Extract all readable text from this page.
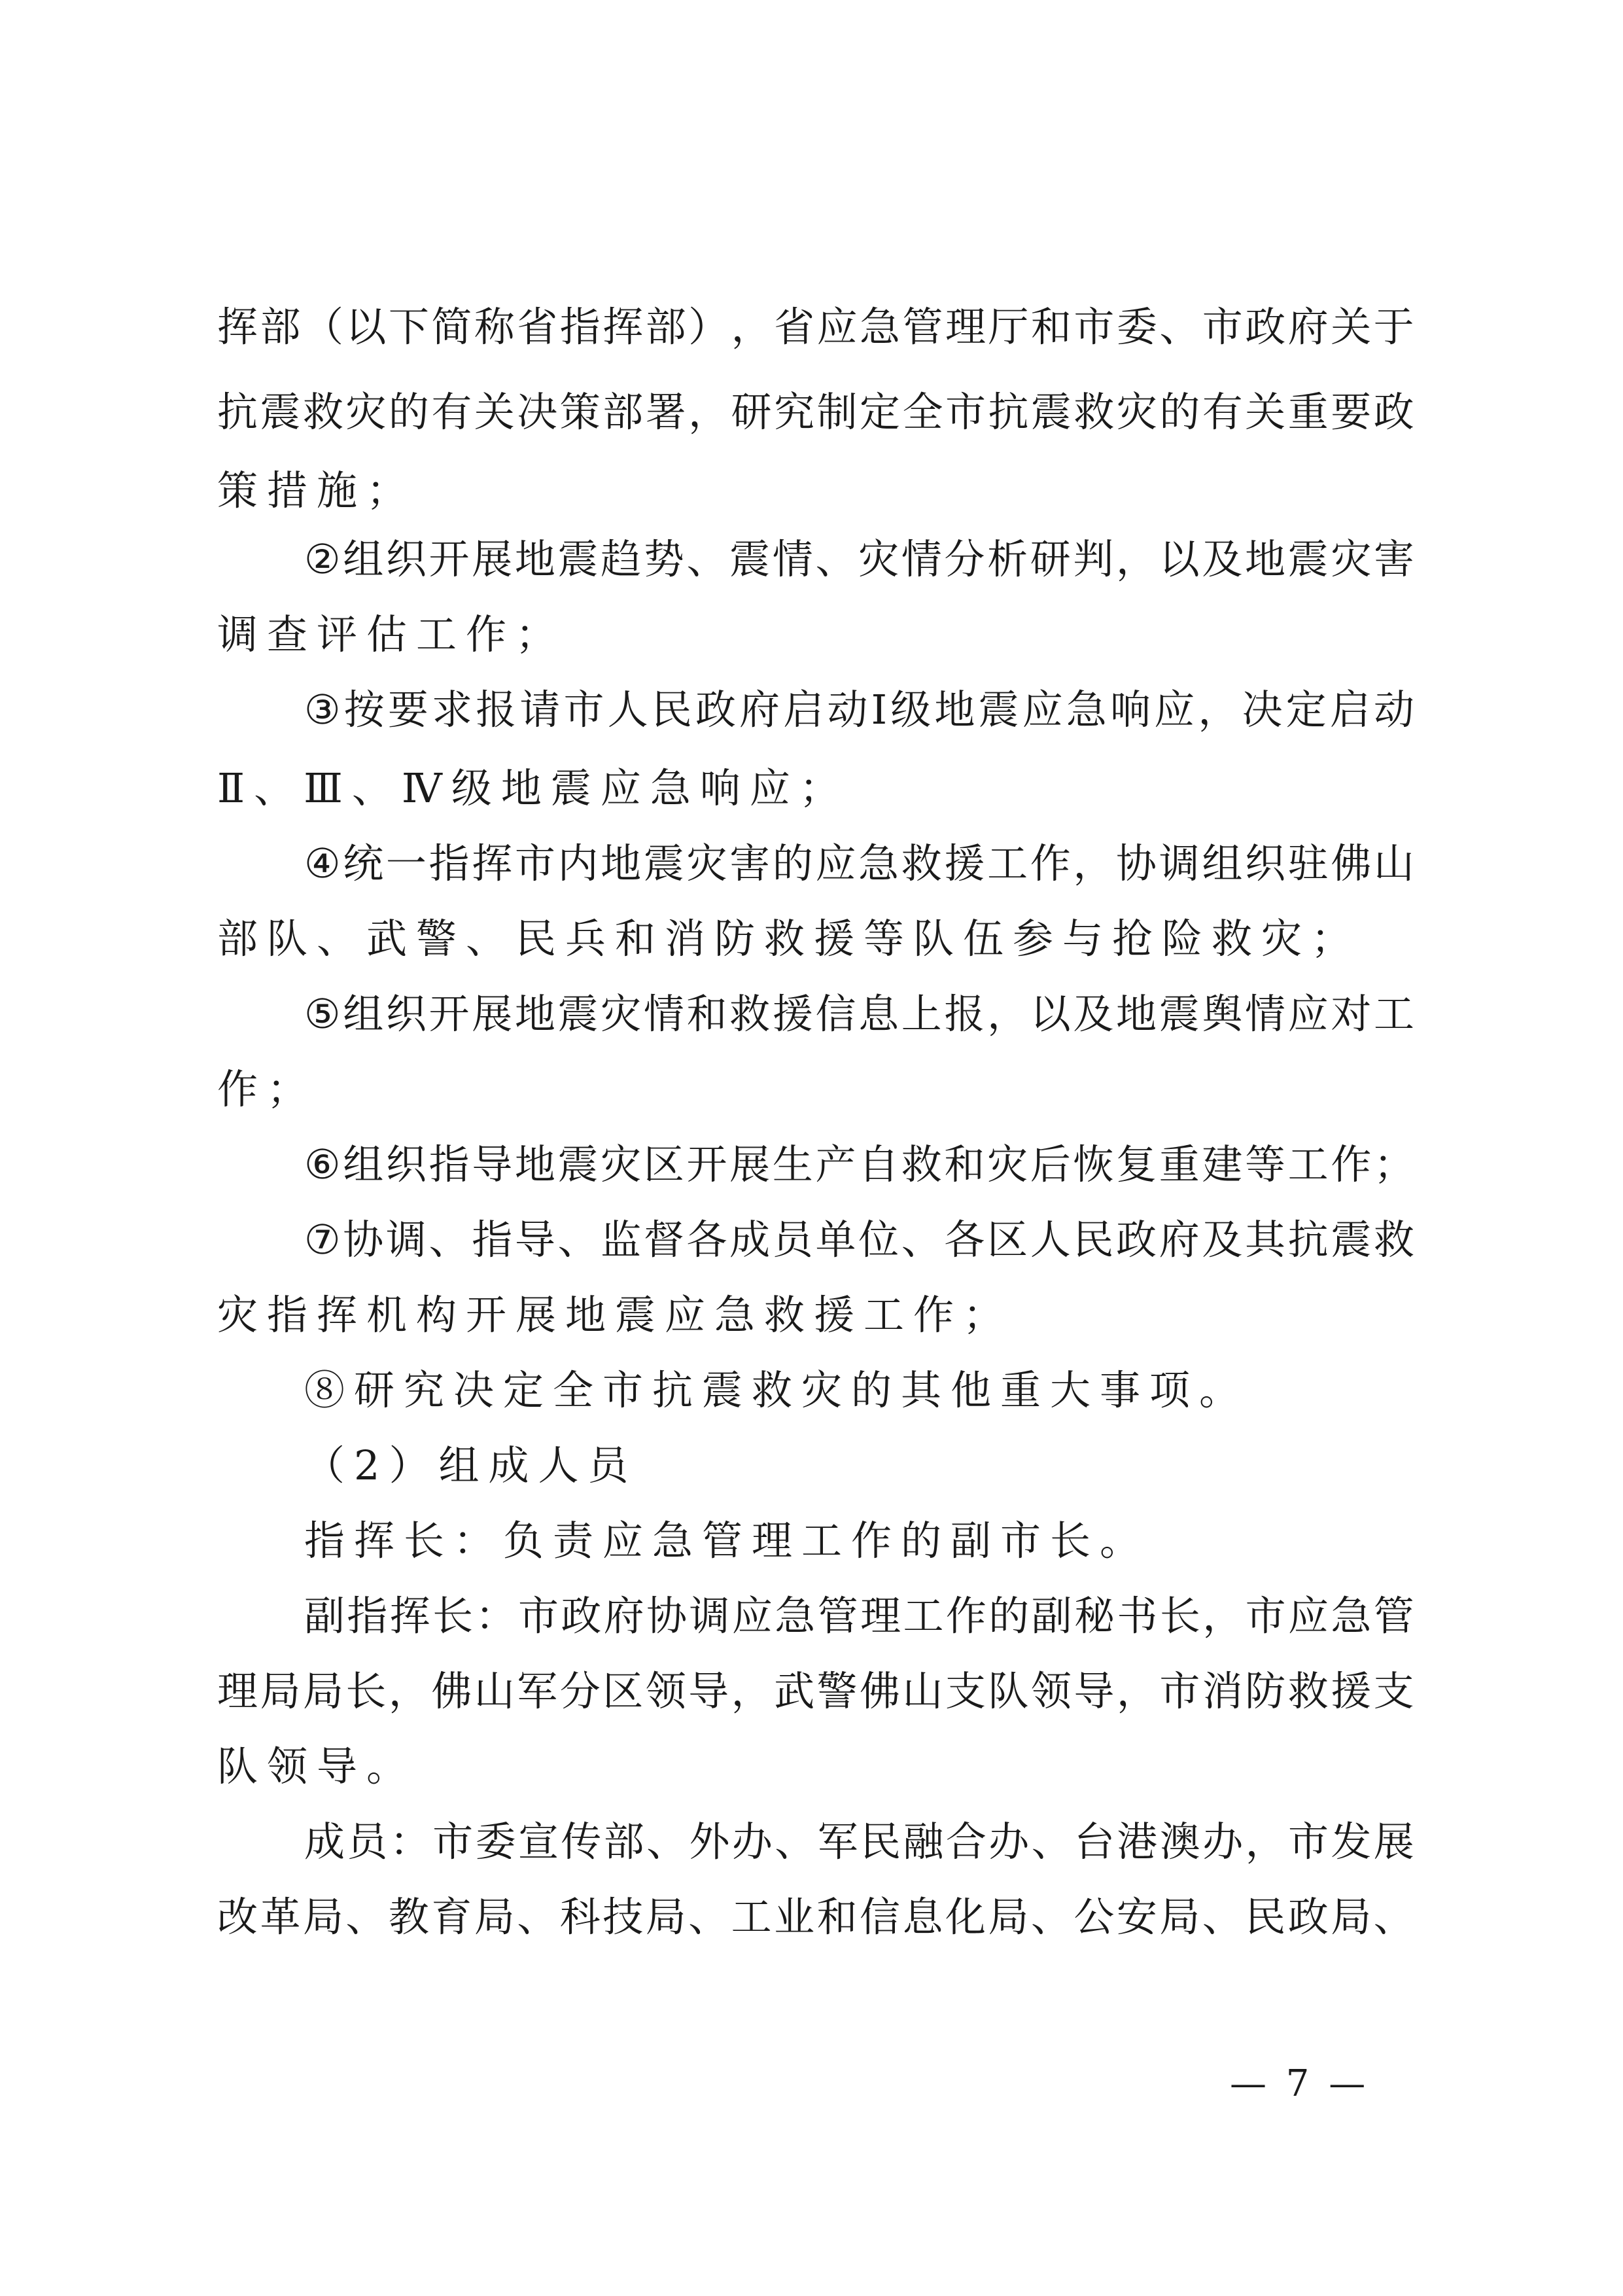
挥 部 （ 以 下 简 称 省 指 挥 部 ） ， 省 应 急 管 理 厅 和 市 委 、 市 政 府 关 于
抗 震 救 灾 的 有 关 决 策 部 署 ， 研 究 制 定 全 市 抗 震 救 灾 的 有 关 重 要 政
策措施；
② 组 织 开 展 地 震 趋 势 、 震 情 、 灾 情 分 析 研 判 ， 以 及 地 震 灾 害
调查评估工作；
③ 按 要 求 报 请 市 人 民 政 府 启 动 Ⅰ 级 地 震 应 急 响 应 ， 决 定 启 动
Ⅱ、Ⅲ、Ⅳ级地震应急响应；
④ 统 一 指 挥 市 内 地 震 灾 害 的 应 急 救 援 工 作 ， 协 调 组 织 驻 佛 山
部队、武警、民兵和消防救援等队伍参与抢险救灾；
⑤ 组 织 开 展 地 震 灾 情 和 救 援 信 息 上 报 ， 以 及 地 震 舆 情 应 对 工
作；
⑥ 组 织 指 导 地 震 灾 区 开 展 生 产 自 救 和 灾 后 恢 复 重 建 等 工 作 ；
⑦ 协 调 、 指 导 、 监 督 各 成 员 单 位 、 各 区 人 民 政 府 及 其 抗 震 救
灾指挥机构开展地震应急救援工作；
⑧研究决定全市抗震救灾的其他重大事项。
（2）组成人员
指挥长：负责应急管理工作的副市长。
副 指 挥 长 ： 市 政 府 协 调 应 急 管 理 工 作 的 副 秘 书 长 ， 市 应 急 管
理 局 局 长 ， 佛 山 军 分 区 领 导 ， 武 警 佛 山 支 队 领 导 ， 市 消 防 救 援 支
队领导。
成 员 ： 市 委 宣 传 部 、 外 办 、 军 民 融 合 办 、 台 港 澳 办 ， 市 发 展
改 革 局 、 教 育 局 、 科 技 局 、 工 业 和 信 息 化 局 、 公 安 局 、 民 政 局 、
— 7 —
